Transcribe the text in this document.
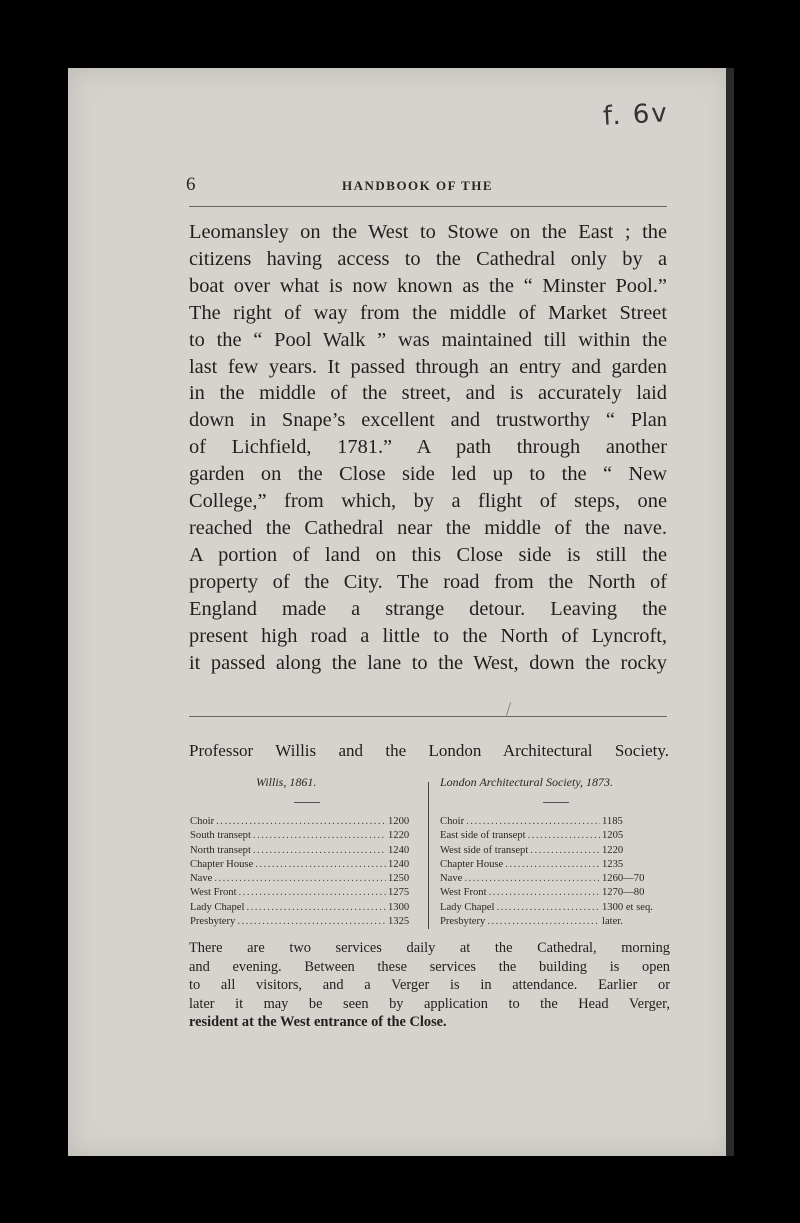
f. 6v
6	HANDBOOK OF THE
Leomansley on the West to Stowe on the East ; the
citizens having access to the Cathedral only by a
boat over what is now known as the “ Minster Pool.”
The right of way from the middle of Market Street
to the “ Pool Walk ” was maintained till within the
last few years. It passed through an entry and garden
in the middle of the street, and is accurately laid
down in Snape’s excellent and trustworthy “ Plan
of Lichfield, 1781.” A path through another
garden on the Close side led up to the “ New
College,” from which, by a flight of steps, one
reached the Cathedral near the middle of the nave.
A portion of land on this Close side is still the
property of the City. The road from the North of
England made a strange detour. Leaving the
present high road a little to the North of Lyncroft,
it passed along the lane to the West, down the rocky
Professor Willis and the London Architectural Society.
Willis, 1861.	London Architectural Society, 1873.
Choir .....	1200
South transept .....	1220
North transept .....	1240
Chapter House .....	1240
Nave .....	1250
West Front .....	1275
Lady Chapel .....	1300
Presbytery .....	1325
Choir .....	1185
East side of transept .....	1205
West side of transept .....	1220
Chapter House .....	1235
Nave .....	1260—70
West Front .....	1270—80
Lady Chapel .....	1300 et seq.
Presbytery .....	later.
There are two services daily at the Cathedral, morning
and evening. Between these services the building is open
to all visitors, and a Verger is in attendance. Earlier or
later it may be seen by application to the Head Verger,
resident at the West entrance of the Close.
